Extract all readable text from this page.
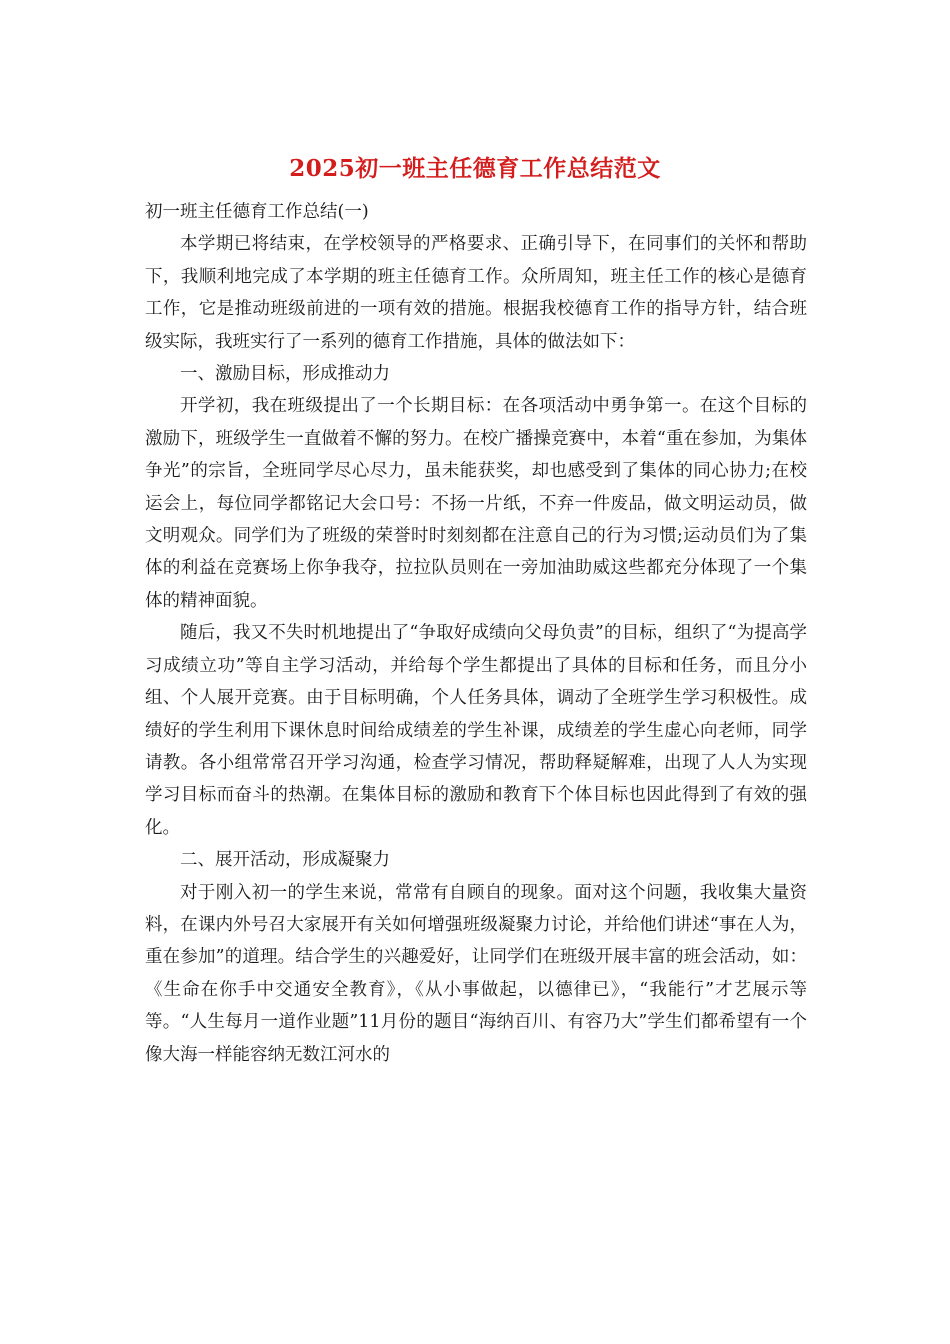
2025初一班主任德育工作总结范文

初一班主任德育工作总结(一)

本学期已将结束，在学校领导的严格要求、正确引导下，在同事们的关怀和帮助下，我顺利地完成了本学期的班主任德育工作。众所周知，班主任工作的核心是德育工作，它是推动班级前进的一项有效的措施。根据我校德育工作的指导方针，结合班级实际，我班实行了一系列的德育工作措施，具体的做法如下：

一、激励目标，形成推动力

开学初，我在班级提出了一个长期目标：在各项活动中勇争第一。在这个目标的激励下，班级学生一直做着不懈的努力。在校广播操竞赛中，本着“重在参加，为集体争光”的宗旨，全班同学尽心尽力，虽未能获奖，却也感受到了集体的同心协力;在校运会上，每位同学都铭记大会口号：不扬一片纸，不弃一件废品，做文明运动员，做文明观众。同学们为了班级的荣誉时时刻刻都在注意自己的行为习惯;运动员们为了集体的利益在竞赛场上你争我夺，拉拉队员则在一旁加油助威这些都充分体现了一个集体的精神面貌。

随后，我又不失时机地提出了“争取好成绩向父母负责”的目标，组织了“为提高学习成绩立功”等自主学习活动，并给每个学生都提出了具体的目标和任务，而且分小组、个人展开竞赛。由于目标明确，个人任务具体，调动了全班学生学习积极性。成绩好的学生利用下课休息时间给成绩差的学生补课，成绩差的学生虚心向老师，同学请教。各小组常常召开学习沟通，检查学习情况，帮助释疑解难，出现了人人为实现学习目标而奋斗的热潮。在集体目标的激励和教育下个体目标也因此得到了有效的强化。

二、展开活动，形成凝聚力

对于刚入初一的学生来说，常常有自顾自的现象。面对这个问题，我收集大量资料，在课内外号召大家展开有关如何增强班级凝聚力讨论，并给他们讲述“事在人为，重在参加”的道理。结合学生的兴趣爱好，让同学们在班级开展丰富的班会活动，如：《生命在你手中交通安全教育》，《从小事做起，以德律已》，“我能行”才艺展示等等。“人生每月一道作业题”11月份的题目“海纳百川、有容乃大”学生们都希望有一个像大海一样能容纳无数江河水的
